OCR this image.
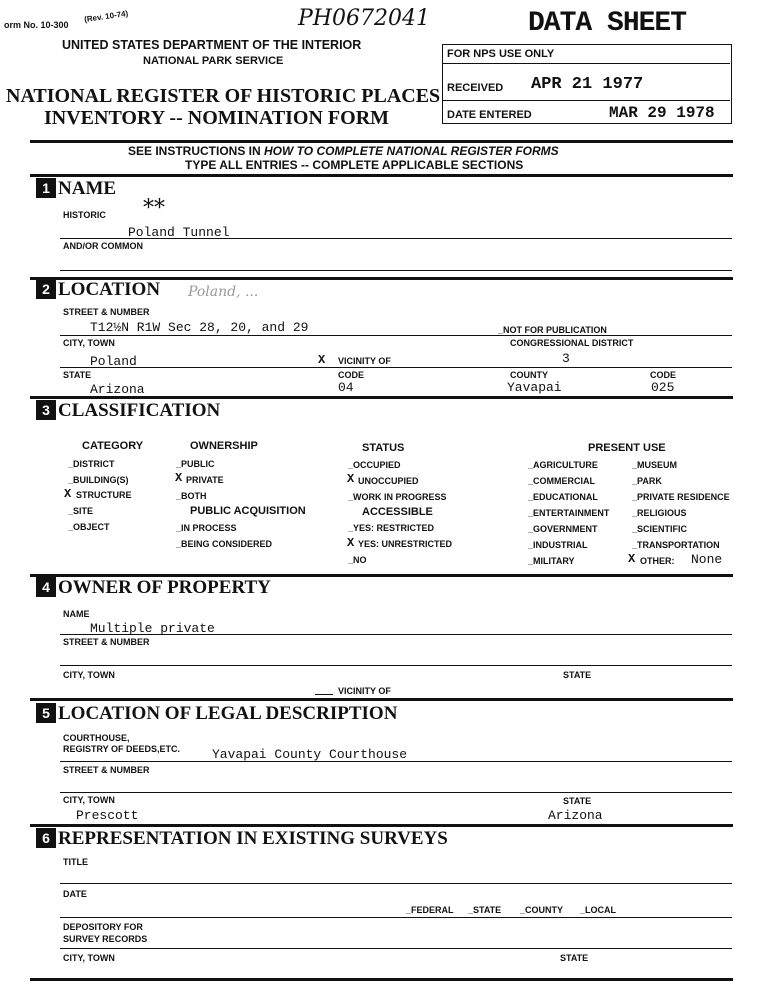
orm No. 10-300
(Rev. 10-74)	PH0672041	DATA SHEET
UNITED STATES DEPARTMENT OF THE INTERIOR
NATIONAL PARK SERVICE
NATIONAL REGISTER OF HISTORIC PLACES
INVENTORY -- NOMINATION FORM
FOR NPS USE ONLY
RECEIVED APR 21 1977
DATE ENTERED	MAR 29 1978
SEE INSTRUCTIONS IN HOW TO COMPLETE NATIONAL REGISTER FORMS
TYPE ALL ENTRIES -- COMPLETE APPLICABLE SECTIONS
1 NAME
HISTORIC **
Poland Tunnel
AND/OR COMMON
2 LOCATION Poland, ...
STREET & NUMBER
T12½N R1W Sec 28, 20, and 29	_NOT FOR PUBLICATION
CITY, TOWN	CONGRESSIONAL DISTRICT
Poland	X VICINITY OF	3
STATE	CODE	COUNTY	CODE
Arizona	04	Yavapai	025
3 CLASSIFICATION
CATEGORY
_DISTRICT
_BUILDING(S)
X STRUCTURE
_SITE
_OBJECT
OWNERSHIP
_PUBLIC
X PRIVATE
_BOTH
PUBLIC ACQUISITION
_IN PROCESS
_BEING CONSIDERED
STATUS
_OCCUPIED
X UNOCCUPIED
_WORK IN PROGRESS
ACCESSIBLE
_YES: RESTRICTED
X YES: UNRESTRICTED
_NO
PRESENT USE
_AGRICULTURE
_COMMERCIAL
_EDUCATIONAL
_ENTERTAINMENT
_GOVERNMENT
_INDUSTRIAL
_MILITARY
_MUSEUM
_PARK
_PRIVATE RESIDENCE
_RELIGIOUS
_SCIENTIFIC
_TRANSPORTATION
X OTHER: None
4 OWNER OF PROPERTY
NAME
Multiple private
STREET & NUMBER
CITY, TOWN	STATE
VICINITY OF
5 LOCATION OF LEGAL DESCRIPTION
COURTHOUSE,
REGISTRY OF DEEDS,ETC. Yavapai County Courthouse
STREET & NUMBER
CITY, TOWN	STATE
Prescott	Arizona
6 REPRESENTATION IN EXISTING SURVEYS
TITLE
DATE
_FEDERAL _STATE _COUNTY _LOCAL
DEPOSITORY FOR
SURVEY RECORDS
CITY, TOWN	STATE
